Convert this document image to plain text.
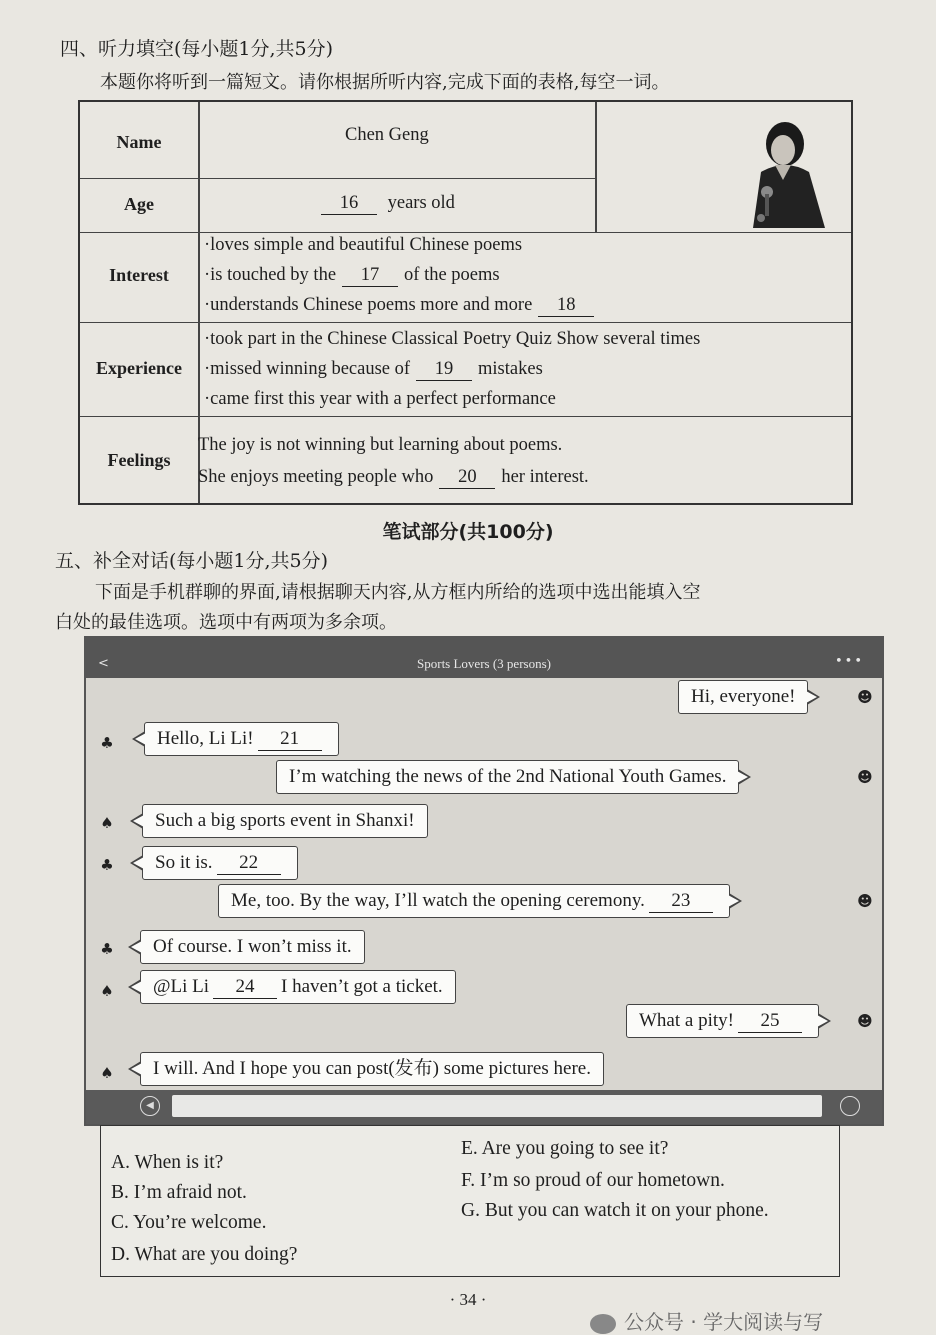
四、听力填空(每小题1分,共5分)
本题你将听到一篇短文。请你根据所听内容,完成下面的表格,每空一词。
Name	Chen Geng
Age	16 years old
Interest
·loves simple and beautiful Chinese poems
·is touched by the 17 of the poems
·understands Chinese poems more and more 18
Experience
·took part in the Chinese Classical Poetry Quiz Show several times
·missed winning because of 19 mistakes
·came first this year with a perfect performance
Feelings
The joy is not winning but learning about poems.
She enjoys meeting people who 20 her interest.
笔试部分(共100分)
五、补全对话(每小题1分,共5分)
下面是手机群聊的界面,请根据聊天内容,从方框内所给的选项中选出能填入空
白处的最佳选项。选项中有两项为多余项。
<	Sports Lovers (3 persons)	•••
Hi, everyone!	☻
♣	Hello, Li Li! 21
I’m watching the news of the 2nd National Youth Games.	☻
♠	Such a big sports event in Shanxi!
♣	So it is. 22
Me, too. By the way, I’ll watch the opening ceremony. 23	☻
♣	Of course. I won’t miss it.
♠	@Li Li 24 I haven’t got a ticket.
What a pity! 25	☻
♠	I will. And I hope you can post(发布) some pictures here.
◀
A. When is it?
B. I’m afraid not.
C. You’re welcome.
D. What are you doing?
E. Are you going to see it?
F. I’m so proud of our hometown.
G. But you can watch it on your phone.
· 34 ·
公众号 · 学大阅读与写
